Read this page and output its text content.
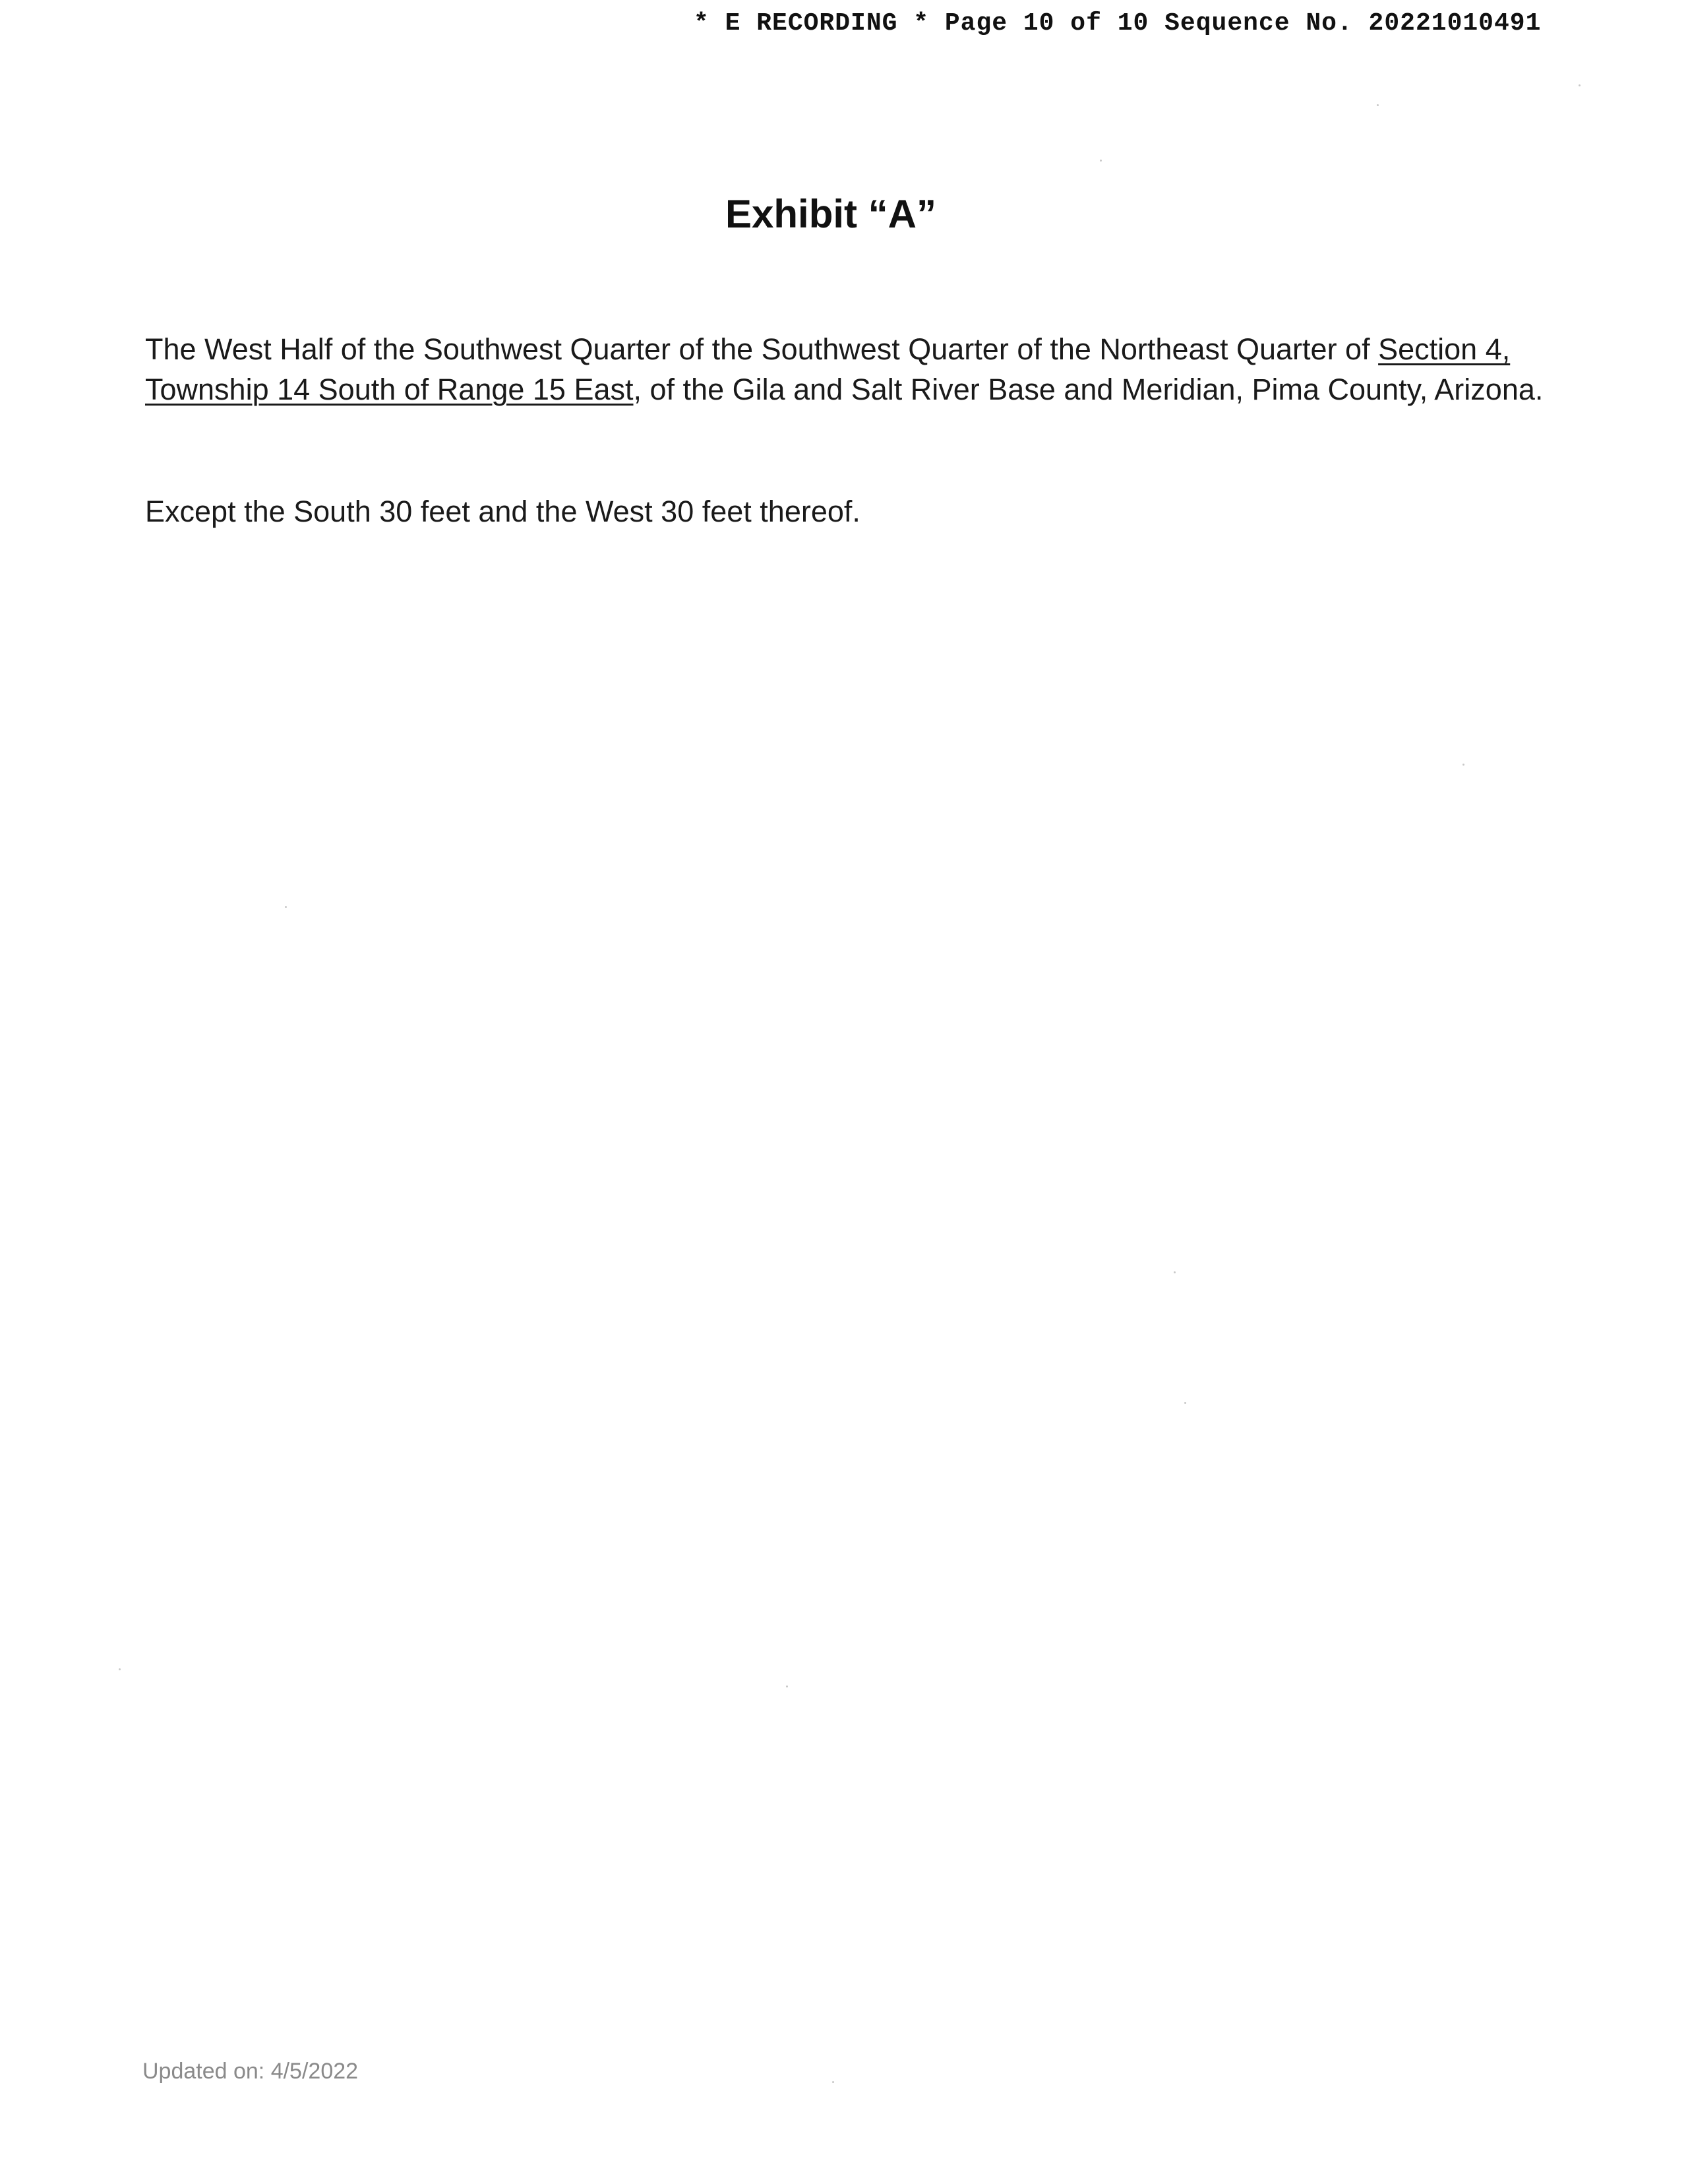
* E RECORDING * Page 10 of 10 Sequence No. 20221010491
Exhibit “A”
The West Half of the Southwest Quarter of the Southwest Quarter of the Northeast Quarter of Section 4, Township 14 South of Range 15 East, of the Gila and Salt River Base and Meridian, Pima County, Arizona.
Except the South 30 feet and the West 30 feet thereof.
Updated on: 4/5/2022
